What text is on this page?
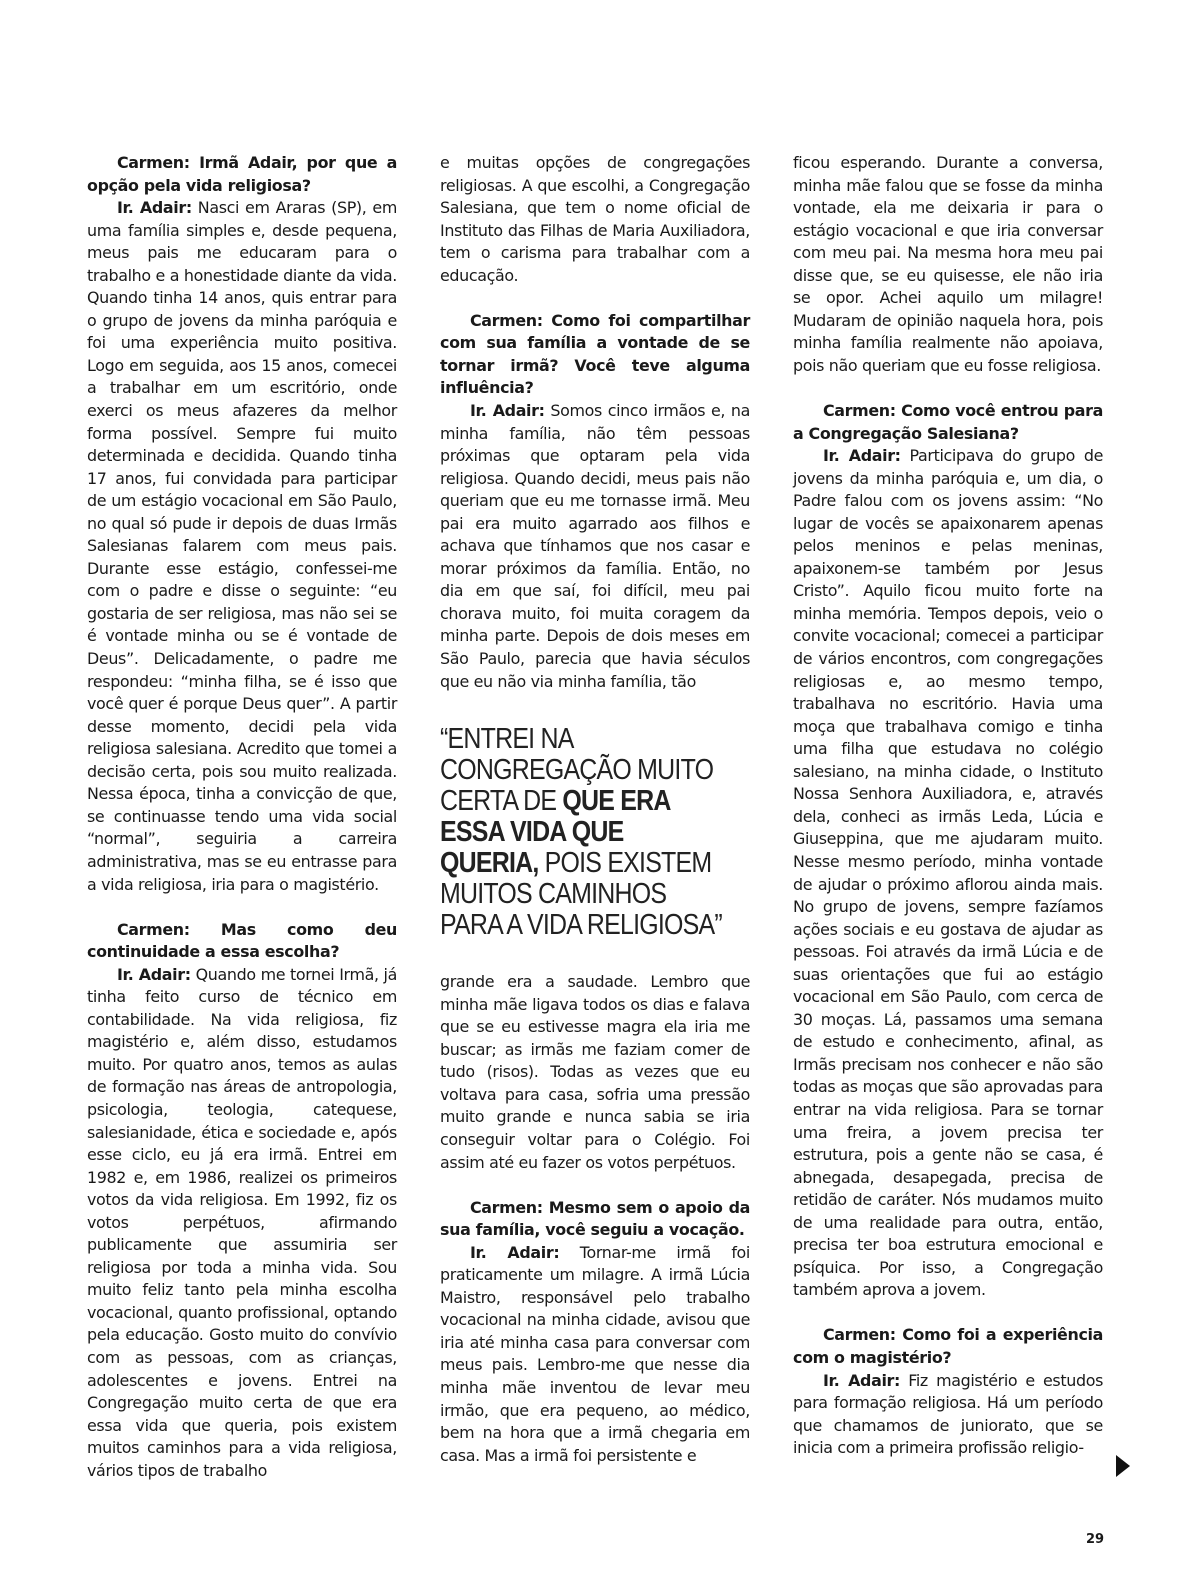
Carmen: Irmã Adair, por que a opção pela vida religiosa?

Ir. Adair: Nasci em Araras (SP), em uma família simples e, desde pequena, meus pais me educaram para o trabalho e a honestidade diante da vida. Quando tinha 14 anos, quis entrar para o grupo de jovens da minha paróquia e foi uma experiência muito positiva. Logo em seguida, aos 15 anos, comecei a trabalhar em um escritório, onde exerci os meus afazeres da melhor forma possível. Sempre fui muito determinada e decidida. Quando tinha 17 anos, fui convidada para participar de um estágio vocacional em São Paulo, no qual só pude ir depois de duas Irmãs Salesianas falarem com meus pais. Durante esse estágio, confessei-me com o padre e disse o seguinte: “eu gostaria de ser religiosa, mas não sei se é vontade minha ou se é vontade de Deus”. Delicadamente, o padre me respondeu: “minha filha, se é isso que você quer é porque Deus quer”. A partir desse momento, decidi pela vida religiosa salesiana. Acredito que tomei a decisão certa, pois sou muito realizada. Nessa época, tinha a convicção de que, se continuasse tendo uma vida social “normal”, seguiria a carreira administrativa, mas se eu entrasse para a vida religiosa, iria para o magistério.

Carmen: Mas como deu continuidade a essa escolha?

Ir. Adair: Quando me tornei Irmã, já tinha feito curso de técnico em contabilidade. Na vida religiosa, fiz magistério e, além disso, estudamos muito. Por quatro anos, temos as aulas de formação nas áreas de antropologia, psicologia, teologia, catequese, salesianidade, ética e sociedade e, após esse ciclo, eu já era irmã. Entrei em 1982 e, em 1986, realizei os primeiros votos da vida religiosa. Em 1992, fiz os votos perpétuos, afirmando publicamente que assumiria ser religiosa por toda a minha vida. Sou muito feliz tanto pela minha escolha vocacional, quanto profissional, optando pela educação. Gosto muito do convívio com as pessoas, com as crianças, adolescentes e jovens. Entrei na Congregação muito certa de que era essa vida que queria, pois existem muitos caminhos para a vida religiosa, vários tipos de trabalho

e muitas opções de congregações religiosas. A que escolhi, a Congregação Salesiana, que tem o nome oficial de Instituto das Filhas de Maria Auxiliadora, tem o carisma para trabalhar com a educação.

Carmen: Como foi compartilhar com sua família a vontade de se tornar irmã? Você teve alguma influência?

Ir. Adair: Somos cinco irmãos e, na minha família, não têm pessoas próximas que optaram pela vida religiosa. Quando decidi, meus pais não queriam que eu me tornasse irmã. Meu pai era muito agarrado aos filhos e achava que tínhamos que nos casar e morar próximos da família. Então, no dia em que saí, foi difícil, meu pai chorava muito, foi muita coragem da minha parte. Depois de dois meses em São Paulo, parecia que havia séculos que eu não via minha família, tão

“ENTREI NA
CONGREGAÇÃO MUITO
CERTA DE QUE ERA
ESSA VIDA QUE
QUERIA, POIS EXISTEM
MUITOS CAMINHOS
PARA A VIDA RELIGIOSA”

grande era a saudade. Lembro que minha mãe ligava todos os dias e falava que se eu estivesse magra ela iria me buscar; as irmãs me faziam comer de tudo (risos). Todas as vezes que eu voltava para casa, sofria uma pressão muito grande e nunca sabia se iria conseguir voltar para o Colégio. Foi assim até eu fazer os votos perpétuos.

Carmen: Mesmo sem o apoio da sua família, você seguiu a vocação.

Ir. Adair: Tornar-me irmã foi praticamente um milagre. A irmã Lúcia Maistro, responsável pelo trabalho vocacional na minha cidade, avisou que iria até minha casa para conversar com meus pais. Lembro-me que nesse dia minha mãe inventou de levar meu irmão, que era pequeno, ao médico, bem na hora que a irmã chegaria em casa. Mas a irmã foi persistente e

ficou esperando. Durante a conversa, minha mãe falou que se fosse da minha vontade, ela me deixaria ir para o estágio vocacional e que iria conversar com meu pai. Na mesma hora meu pai disse que, se eu quisesse, ele não iria se opor. Achei aquilo um milagre! Mudaram de opinião naquela hora, pois minha família realmente não apoiava, pois não queriam que eu fosse religiosa.

Carmen: Como você entrou para a Congregação Salesiana?

Ir. Adair: Participava do grupo de jovens da minha paróquia e, um dia, o Padre falou com os jovens assim: “No lugar de vocês se apaixonarem apenas pelos meninos e pelas meninas, apaixonem-se também por Jesus Cristo”. Aquilo ficou muito forte na minha memória. Tempos depois, veio o convite vocacional; comecei a participar de vários encontros, com congregações religiosas e, ao mesmo tempo, trabalhava no escritório. Havia uma moça que trabalhava comigo e tinha uma filha que estudava no colégio salesiano, na minha cidade, o Instituto Nossa Senhora Auxiliadora, e, através dela, conheci as irmãs Leda, Lúcia e Giuseppina, que me ajudaram muito. Nesse mesmo período, minha vontade de ajudar o próximo aflorou ainda mais. No grupo de jovens, sempre fazíamos ações sociais e eu gostava de ajudar as pessoas. Foi através da irmã Lúcia e de suas orientações que fui ao estágio vocacional em São Paulo, com cerca de 30 moças. Lá, passamos uma semana de estudo e conhecimento, afinal, as Irmãs precisam nos conhecer e não são todas as moças que são aprovadas para entrar na vida religiosa. Para se tornar uma freira, a jovem precisa ter estrutura, pois a gente não se casa, é abnegada, desapegada, precisa de retidão de caráter. Nós mudamos muito de uma realidade para outra, então, precisa ter boa estrutura emocional e psíquica. Por isso, a Congregação também aprova a jovem.

Carmen: Como foi a experiência com o magistério?

Ir. Adair: Fiz magistério e estudos para formação religiosa. Há um período que chamamos de juniorato, que se inicia com a primeira profissão religio-

29
